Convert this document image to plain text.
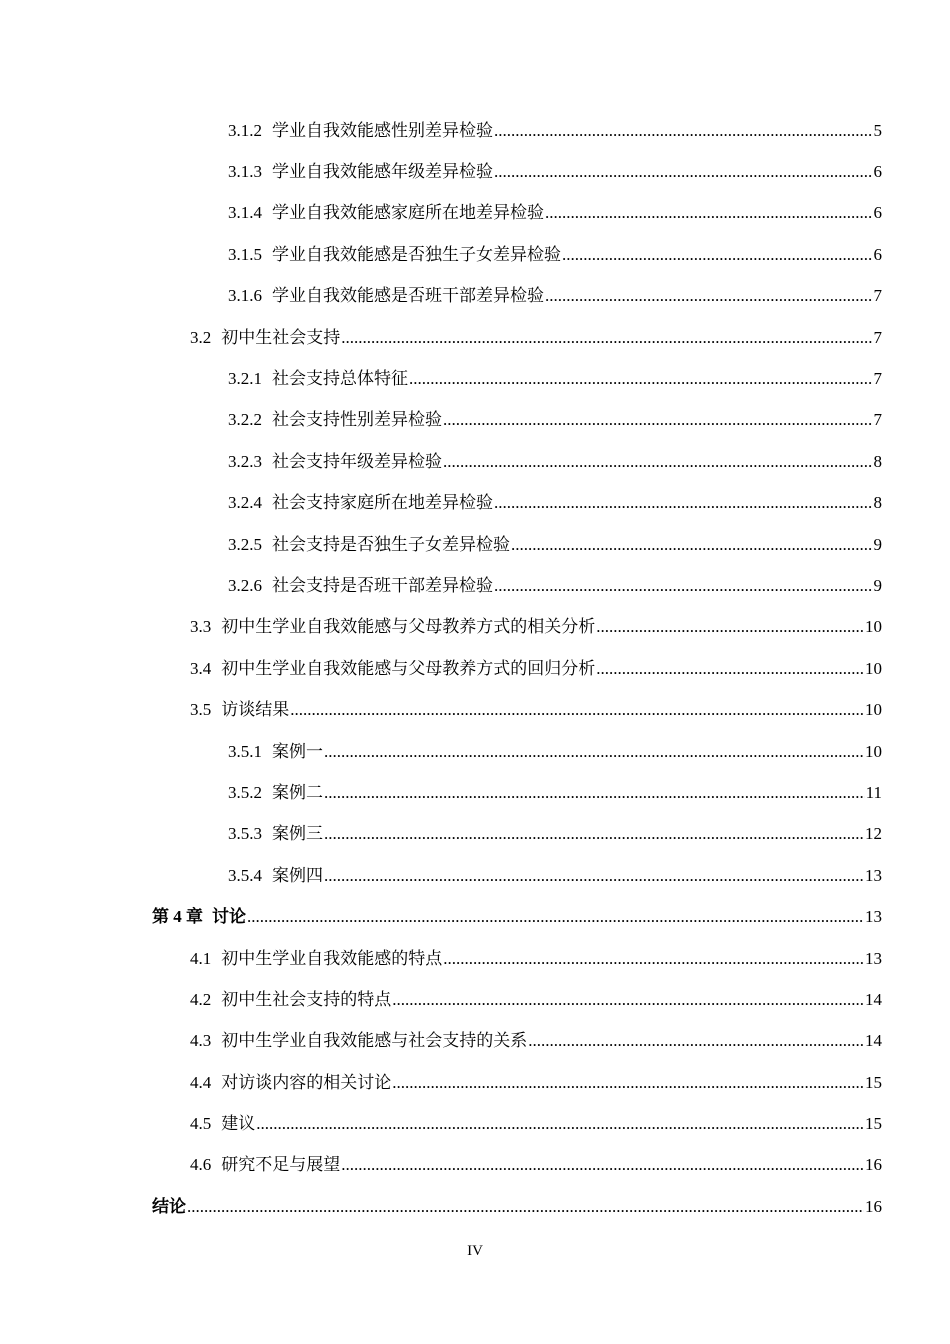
3.1.2 学业自我效能感性别差异检验 .....	5
3.1.3 学业自我效能感年级差异检验 .....	6
3.1.4 学业自我效能感家庭所在地差异检验 .....	6
3.1.5 学业自我效能感是否独生子女差异检验 .....	6
3.1.6 学业自我效能感是否班干部差异检验 .....	7
3.2 初中生社会支持 .....	7
3.2.1 社会支持总体特征 .....	7
3.2.2 社会支持性别差异检验 .....	7
3.2.3 社会支持年级差异检验 .....	8
3.2.4 社会支持家庭所在地差异检验 .....	8
3.2.5 社会支持是否独生子女差异检验 .....	9
3.2.6 社会支持是否班干部差异检验 .....	9
3.3 初中生学业自我效能感与父母教养方式的相关分析 .....	10
3.4 初中生学业自我效能感与父母教养方式的回归分析 .....	10
3.5 访谈结果 .....	10
3.5.1 案例一 .....	10
3.5.2 案例二 .....	11
3.5.3 案例三 .....	12
3.5.4 案例四 .....	13
第 4 章 讨论 .....	13
4.1 初中生学业自我效能感的特点 .....	13
4.2 初中生社会支持的特点 .....	14
4.3 初中生学业自我效能感与社会支持的关系 .....	14
4.4 对访谈内容的相关讨论 .....	15
4.5 建议 .....	15
4.6 研究不足与展望 .....	16
结论 .....	16
IV
